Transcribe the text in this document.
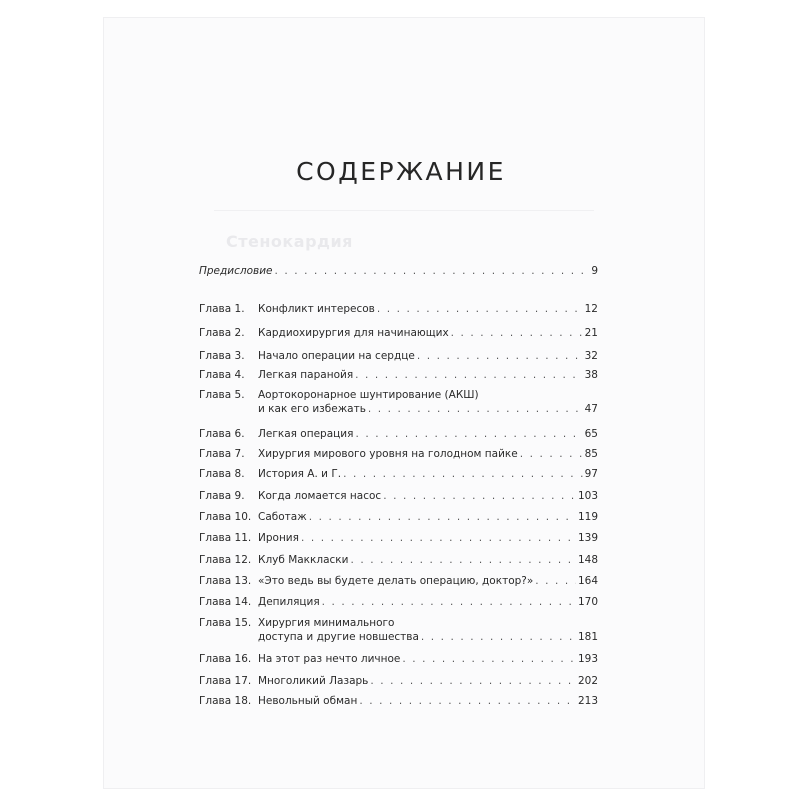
Стенокардия
СОДЕРЖАНИЕ
Предисловие . . .	9
Глава 1. Конфликт интересов . . .	12
Глава 2. Кардиохирургия для начинающих . . .	21
Глава 3. Начало операции на сердце . . .	32
Глава 4. Легкая паранойя . . .	38
Глава 5. Аортокоронарное шунтирование (АКШ)
и как его избежать . . .	47
Глава 6. Легкая операция . . .	65
Глава 7. Хирургия мирового уровня на голодном пайке . . .	85
Глава 8. История А. и Г. . . .	97
Глава 9. Когда ломается насос . . .	103
Глава 10. Саботаж . . .	119
Глава 11. Ирония . . .	139
Глава 12. Клуб Маккласки . . .	148
Глава 13. «Это ведь вы будете делать операцию, доктор?» . . .	164
Глава 14. Депиляция . . .	170
Глава 15. Хирургия минимального
доступа и другие новшества . . .	181
Глава 16. На этот раз нечто личное . . .	193
Глава 17. Многоликий Лазарь . . .	202
Глава 18. Невольный обман . . .	213
